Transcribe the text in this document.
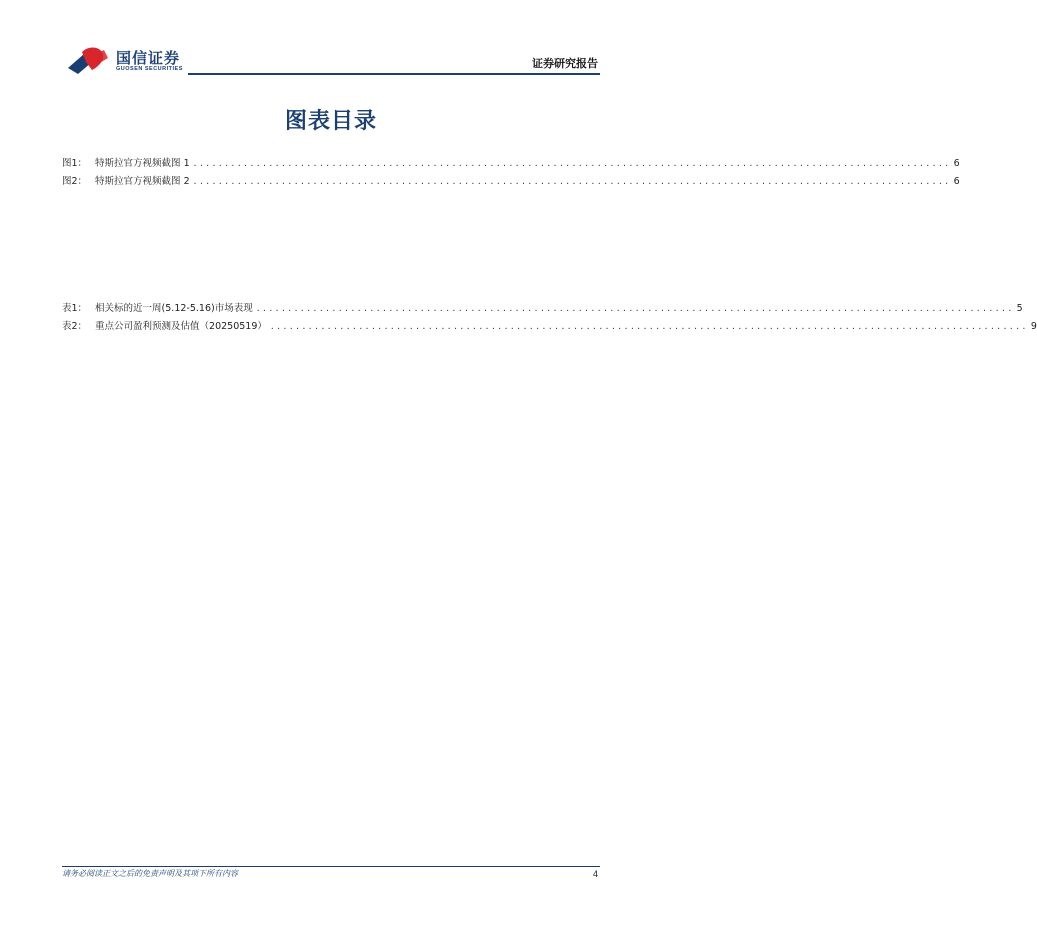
国信证券
GUOSEN SECURITIES	证券研究报告
图表目录
图1： 特斯拉官方视频截图 1 ........................................................................................................................ 6
图2： 特斯拉官方视频截图 2 ........................................................................................................................ 6
表1： 相关标的近一周(5.12-5.16)市场表现 ........................................................................................................................ 5
表2： 重点公司盈利预测及估值（20250519） ........................................................................................................................ 9
请务必阅读正文之后的免责声明及其项下所有内容	4
